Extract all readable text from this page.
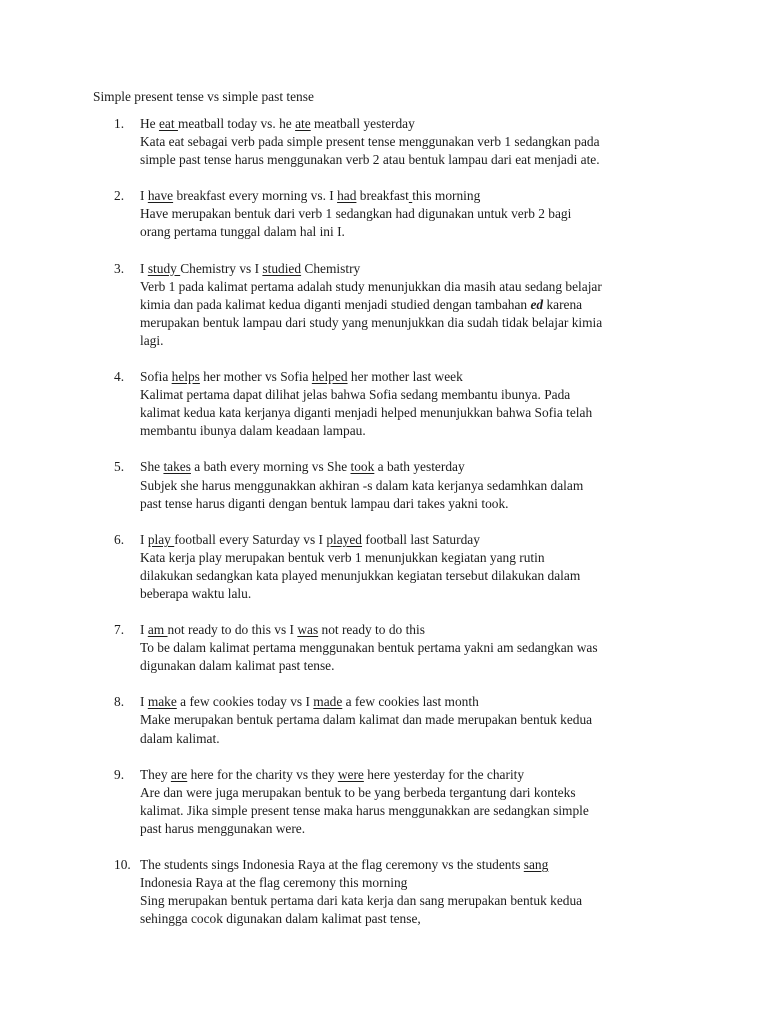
Simple present tense vs simple past tense

1.	He eat meatball today vs. he ate meatball yesterday
Kata eat sebagai verb pada simple present tense menggunakan verb 1 sedangkan pada
simple past tense harus menggunakan verb 2 atau bentuk lampau dari eat menjadi ate.
2.	I have breakfast every morning vs. I had breakfast this morning
Have merupakan bentuk dari verb 1 sedangkan had digunakan untuk verb 2 bagi
orang pertama tunggal dalam hal ini I.
3.	I study Chemistry vs I studied Chemistry
Verb 1 pada kalimat pertama adalah study menunjukkan dia masih atau sedang belajar
kimia dan pada kalimat kedua diganti menjadi studied dengan tambahan ed karena
merupakan bentuk lampau dari study yang menunjukkan dia sudah tidak belajar kimia
lagi.
4.	Sofia helps her mother vs Sofia helped her mother last week
Kalimat pertama dapat dilihat jelas bahwa Sofia sedang membantu ibunya. Pada
kalimat kedua kata kerjanya diganti menjadi helped menunjukkan bahwa Sofia telah
membantu ibunya dalam keadaan lampau.
5.	She takes a bath every morning vs She took a bath yesterday
Subjek she harus menggunakkan akhiran -s dalam kata kerjanya sedamhkan dalam
past tense harus diganti dengan bentuk lampau dari takes yakni took.
6.	I play football every Saturday vs I played football last Saturday
Kata kerja play merupakan bentuk verb 1 menunjukkan kegiatan yang rutin
dilakukan sedangkan kata played menunjukkan kegiatan tersebut dilakukan dalam
beberapa waktu lalu.
7.	I am not ready to do this vs I was not ready to do this
To be dalam kalimat pertama menggunakan bentuk pertama yakni am sedangkan was
digunakan dalam kalimat past tense.
8.	I make a few cookies today vs I made a few cookies last month
Make merupakan bentuk pertama dalam kalimat dan made merupakan bentuk kedua
dalam kalimat.
9.	They are here for the charity vs they were here yesterday for the charity
Are dan were juga merupakan bentuk to be yang berbeda tergantung dari konteks
kalimat. Jika simple present tense maka harus menggunakkan are sedangkan simple
past harus menggunakan were.
10. The students sings Indonesia Raya at the flag ceremony vs the students sang
Indonesia Raya at the flag ceremony this morning
Sing merupakan bentuk pertama dari kata kerja dan sang merupakan bentuk kedua
sehingga cocok digunakan dalam kalimat past tense,
